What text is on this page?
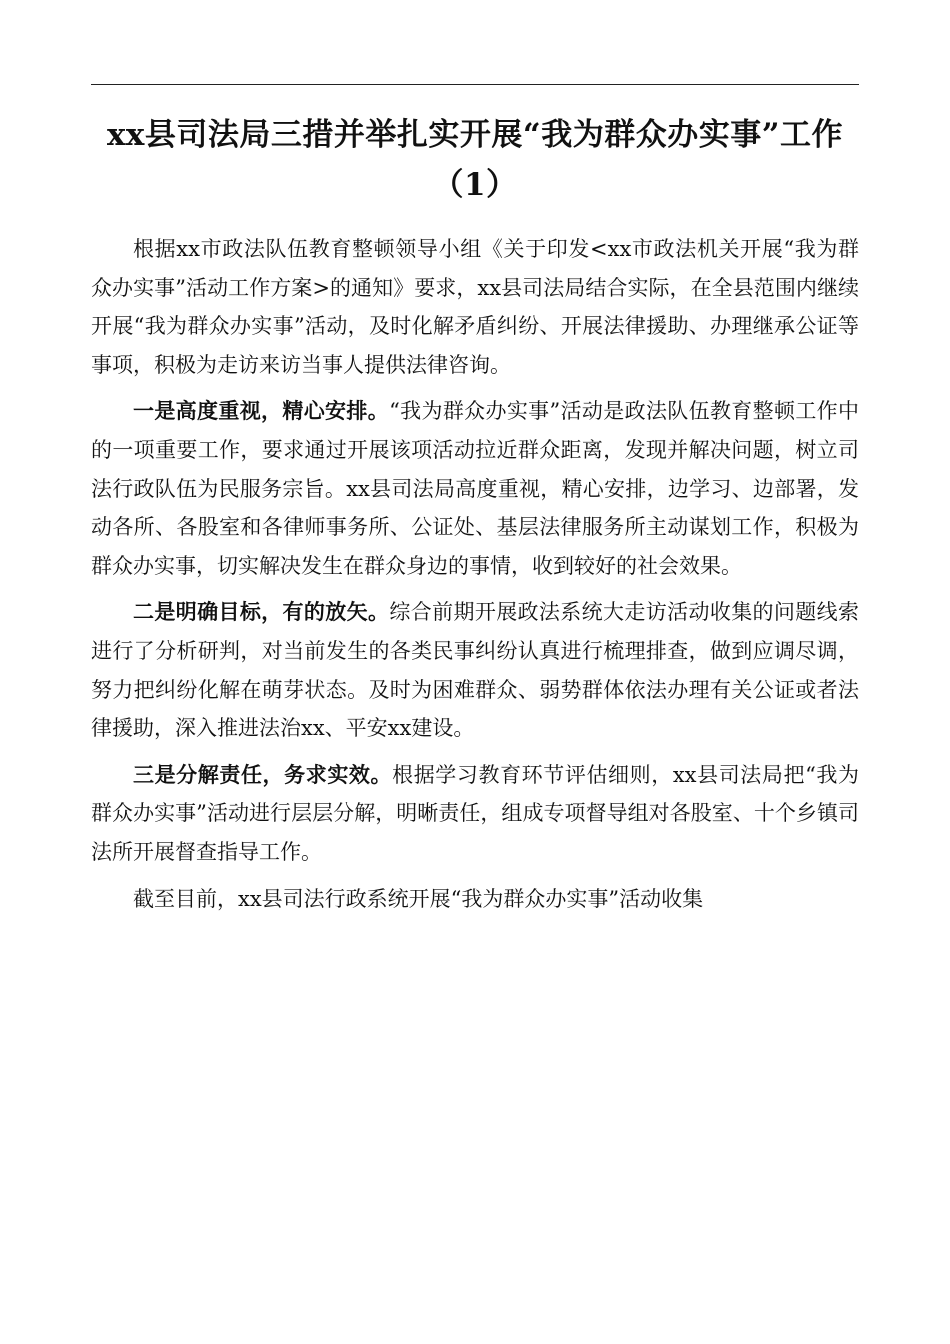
xx县司法局三措并举扎实开展“我为群众办实事”工作（1）

根据xx市政法队伍教育整顿领导小组《关于印发<xx市政法机关开展“我为群众办实事”活动工作方案>的通知》要求，xx县司法局结合实际，在全县范围内继续开展“我为群众办实事”活动，及时化解矛盾纠纷、开展法律援助、办理继承公证等事项，积极为走访来访当事人提供法律咨询。

一是高度重视，精心安排。“我为群众办实事”活动是政法队伍教育整顿工作中的一项重要工作，要求通过开展该项活动拉近群众距离，发现并解决问题，树立司法行政队伍为民服务宗旨。xx县司法局高度重视，精心安排，边学习、边部署，发动各所、各股室和各律师事务所、公证处、基层法律服务所主动谋划工作，积极为群众办实事，切实解决发生在群众身边的事情，收到较好的社会效果。

二是明确目标，有的放矢。综合前期开展政法系统大走访活动收集的问题线索进行了分析研判，对当前发生的各类民事纠纷认真进行梳理排查，做到应调尽调，努力把纠纷化解在萌芽状态。及时为困难群众、弱势群体依法办理有关公证或者法律援助，深入推进法治xx、平安xx建设。

三是分解责任，务求实效。根据学习教育环节评估细则，xx县司法局把“我为群众办实事”活动进行层层分解，明晰责任，组成专项督导组对各股室、十个乡镇司法所开展督查指导工作。

截至目前，xx县司法行政系统开展“我为群众办实事”活动收集
